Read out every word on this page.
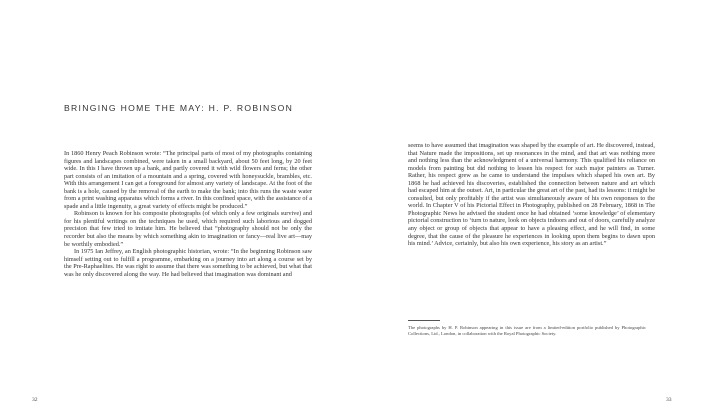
BRINGING HOME THE MAY: H. P. ROBINSON

In 1860 Henry Peach Robinson wrote: “The principal parts of most of my photographs containing figures and landscapes combined, were taken in a small backyard, about 50 feet long, by 20 feet wide. In this I have thrown up a bank, and partly covered it with wild flowers and ferns; the other part consists of an imitation of a mountain and a spring, covered with honeysuckle, brambles, etc. With this arrangement I can get a foreground for almost any variety of landscape. At the foot of the bank is a hole, caused by the removal of the earth to make the bank; into this runs the waste water from a print washing apparatus which forms a river. In this confined space, with the assistance of a spade and a little ingenuity, a great variety of effects might be produced.”

Robinson is known for his composite photographs (of which only a few originals survive) and for his plentiful writings on the techniques he used, which required such laborious and dogged precision that few tried to imitate him. He believed that “photography should not be only the recorder but also the means by which something akin to imagination or fancy—real live art—may be worthily embodied.”

In 1975 Ian Jeffrey, an English photographic historian, wrote: “In the beginning Robinson saw himself setting out to fulfill a programme, embarking on a journey into art along a course set by the Pre-Raphaelites. He was right to assume that there was something to be achieved, but what that was he only discovered along the way. He had believed that imagination was dominant and

seems to have assumed that imagination was shaped by the example of art. He discovered, instead, that Nature made the impositions, set up resonances in the mind, and that art was nothing more and nothing less than the acknowledgment of a universal harmony. This qualified his reliance on models from painting but did nothing to lessen his respect for such major painters as Turner. Rather, his respect grew as he came to understand the impulses which shaped his own art. By 1868 he had achieved his discoveries, established the connection between nature and art which had escaped him at the outset. Art, in particular the great art of the past, had its lessons: it might be consulted, but only profitably if the artist was simultaneously aware of his own responses to the world. In Chapter V of his Pictorial Effect in Photography, published on 28 February, 1868 in The Photographic News he advised the student once he had obtained ‘some knowledge’ of elementary pictorial construction to ‘turn to nature, look on objects indoors and out of doors, carefully analyze any object or group of objects that appear to have a pleasing effect, and he will find, in some degree, that the cause of the pleasure he experiences in looking upon them begins to dawn upon his mind.’ Advice, certainly, but also his own experience, his story as an artist.”

The photographs by H. P. Robinson appearing in this issue are from a limited-edition portfolio published by Photographic Collections, Ltd., London, in collaboration with the Royal Photographic Society.

32	33
